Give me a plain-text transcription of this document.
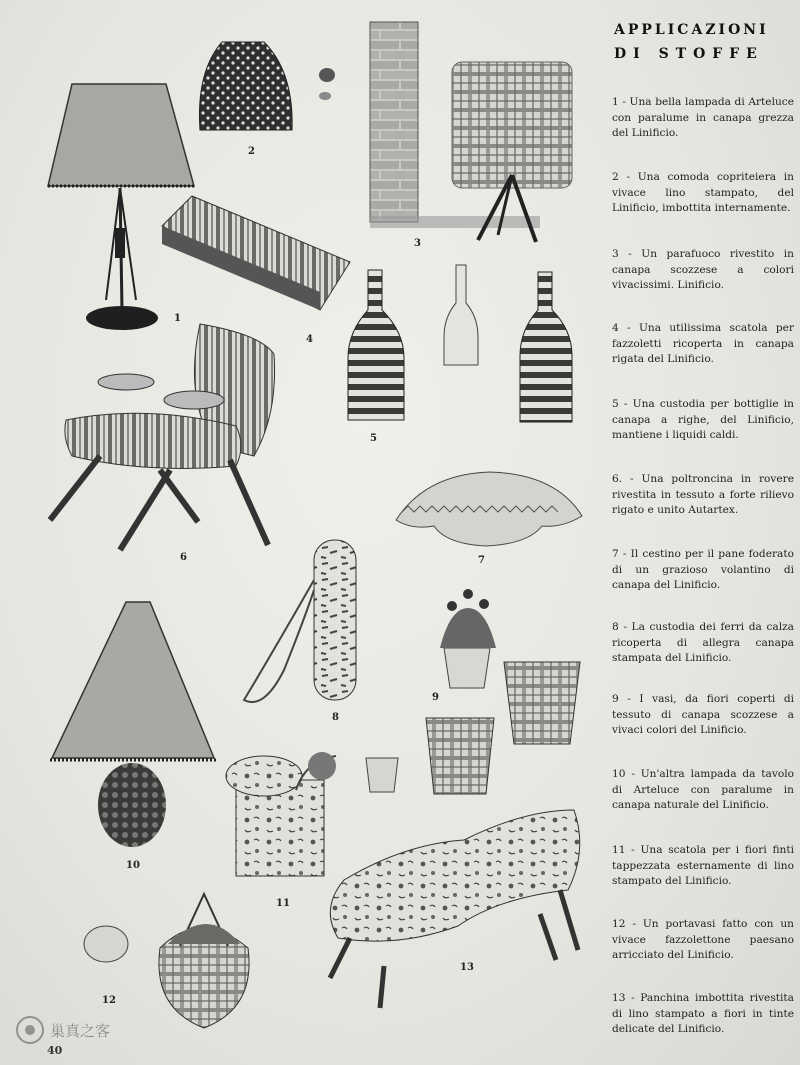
1
2
3
4
5
6	7
8
9
10
11
12
13
APPLICAZIONI
DI STOFFE
1 - Una bella lampada di Arteluce con paralume in canapa grezza del Linificio.
2 - Una comoda copriteiera in vivace lino stampato, del Linificio, imbottita internamente.
3 - Un parafuoco rivestito in canapa scozzese a colori vivacissimi. Linificio.
4 - Una utilissima scatola per fazzoletti ricoperta in canapa rigata del Linificio.
5 - Una custodia per bottiglie in canapa a righe, del Linificio, mantiene i liquidi caldi.
6. - Una poltroncina in rovere rivestita in tessuto a forte rilievo rigato e unito Autartex.
7 - Il cestino per il pane foderato di un grazioso volantino di canapa del Linificio.
8 - La custodia dei ferri da calza ricoperta di allegra canapa stampata del Linificio.
9 - I vasi, da fiori coperti di tessuto di canapa scozzese a vivaci colori del Linificio.
10 - Un'altra lampada da tavolo di Arteluce con paralume in canapa naturale del Linificio.
11 - Una scatola per i fiori finti tappezzata esternamente di lino stampato del Linificio.
12 - Un portavasi fatto con un vivace fazzolettone paesano arricciato del Linificio.
13 - Panchina imbottita rivestita di lino stampato a fiori in tinte delicate del Linificio.
巢真之客
40
